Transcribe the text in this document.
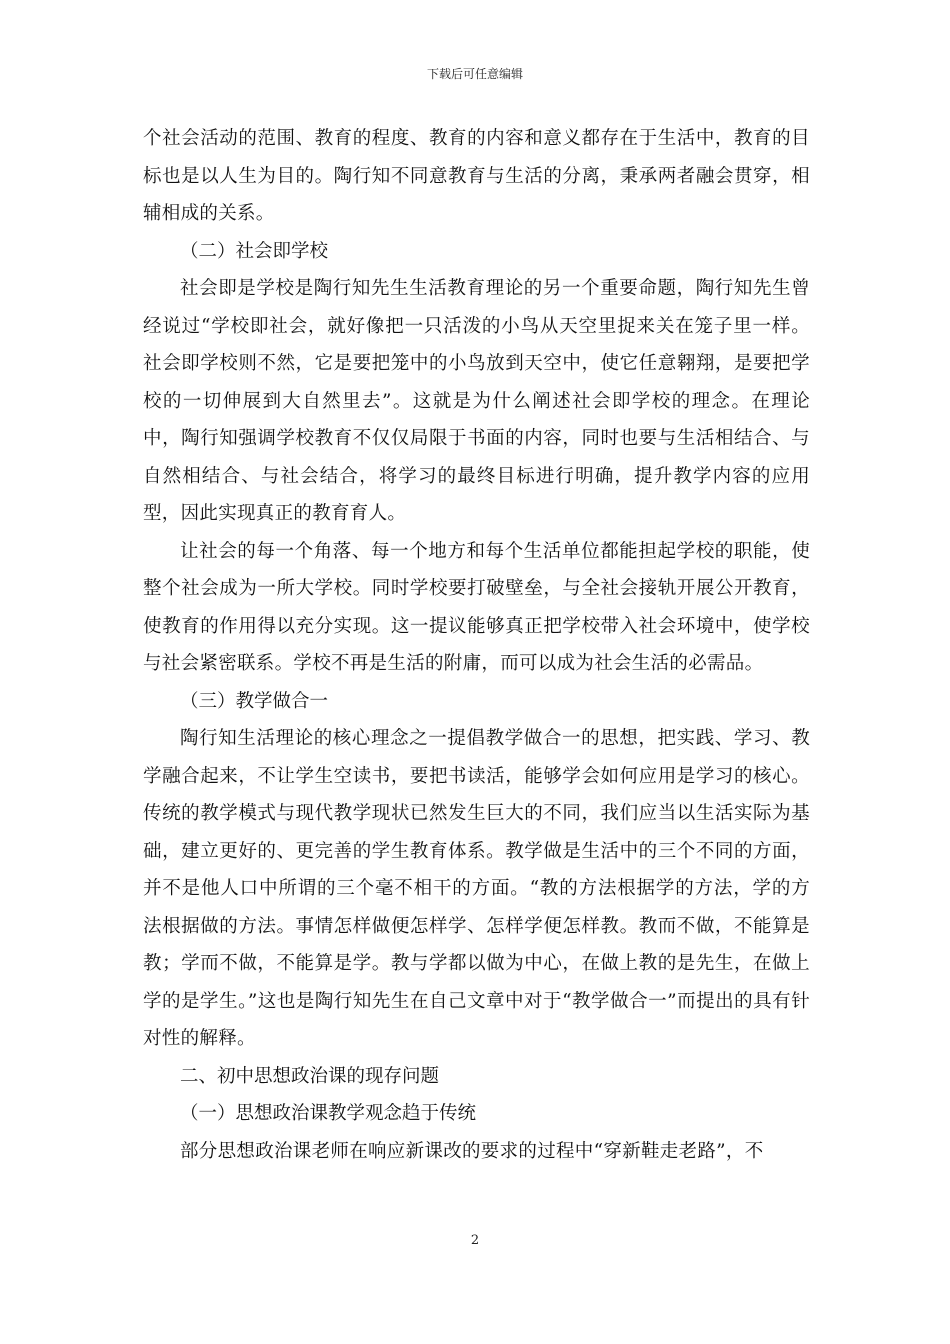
下载后可任意编辑

个社会活动的范围、教育的程度、教育的内容和意义都存在于生活中，教育的目标也是以人生为目的。陶行知不同意教育与生活的分离，秉承两者融会贯穿，相辅相成的关系。

（二）社会即学校

社会即是学校是陶行知先生生活教育理论的另一个重要命题，陶行知先生曾经说过“学校即社会，就好像把一只活泼的小鸟从天空里捉来关在笼子里一样。社会即学校则不然，它是要把笼中的小鸟放到天空中，使它任意翱翔，是要把学校的一切伸展到大自然里去”。这就是为什么阐述社会即学校的理念。在理论中，陶行知强调学校教育不仅仅局限于书面的内容，同时也要与生活相结合、与自然相结合、与社会结合，将学习的最终目标进行明确，提升教学内容的应用型，因此实现真正的教育育人。

让社会的每一个角落、每一个地方和每个生活单位都能担起学校的职能，使整个社会成为一所大学校。同时学校要打破壁垒，与全社会接轨开展公开教育，使教育的作用得以充分实现。这一提议能够真正把学校带入社会环境中，使学校与社会紧密联系。学校不再是生活的附庸，而可以成为社会生活的必需品。

（三）教学做合一

陶行知生活理论的核心理念之一提倡教学做合一的思想，把实践、学习、教学融合起来，不让学生空读书，要把书读活，能够学会如何应用是学习的核心。传统的教学模式与现代教学现状已然发生巨大的不同，我们应当以生活实际为基础，建立更好的、更完善的学生教育体系。教学做是生活中的三个不同的方面，并不是他人口中所谓的三个毫不相干的方面。“教的方法根据学的方法，学的方法根据做的方法。事情怎样做便怎样学、怎样学便怎样教。教而不做，不能算是教；学而不做，不能算是学。教与学都以做为中心，在做上教的是先生，在做上学的是学生。”这也是陶行知先生在自己文章中对于“教学做合一”而提出的具有针对性的解释。

二、初中思想政治课的现存问题

（一）思想政治课教学观念趋于传统

部分思想政治课老师在响应新课改的要求的过程中“穿新鞋走老路”，不

2
